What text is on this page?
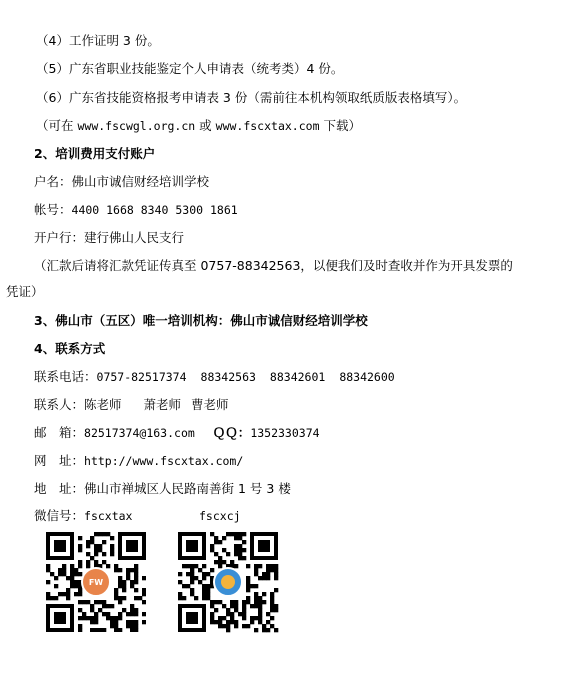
（4）工作证明 3 份。
（5）广东省职业技能鉴定个人申请表（统考类）4 份。
（6）广东省技能资格报考申请表 3 份（需前往本机构领取纸质版表格填写）。
（可在 www.fscwgl.org.cn 或 www.fscxtax.com 下载）
2、培训费用支付账户
户名：佛山市诚信财经培训学校
帐号：4400 1668 8340 5300 1861
开户行：建行佛山人民支行
（汇款后请将汇款凭证传真至 0757-88342563，以便我们及时查收并作为开具发票的
凭证）
3、佛山市（五区）唯一培训机构：佛山市诚信财经培训学校
4、联系方式
联系电话：0757-82517374 88342563 88342601 88342600
联系人：陈老师 萧老师 曹老师
邮　箱：82517374@163.com ＱＱ：1352330374
网　址：http://www.fscxtax.com/
地　址：佛山市禅城区人民路南善街 1 号 3 楼
微信号：fscxtax	fscxcj
FW
